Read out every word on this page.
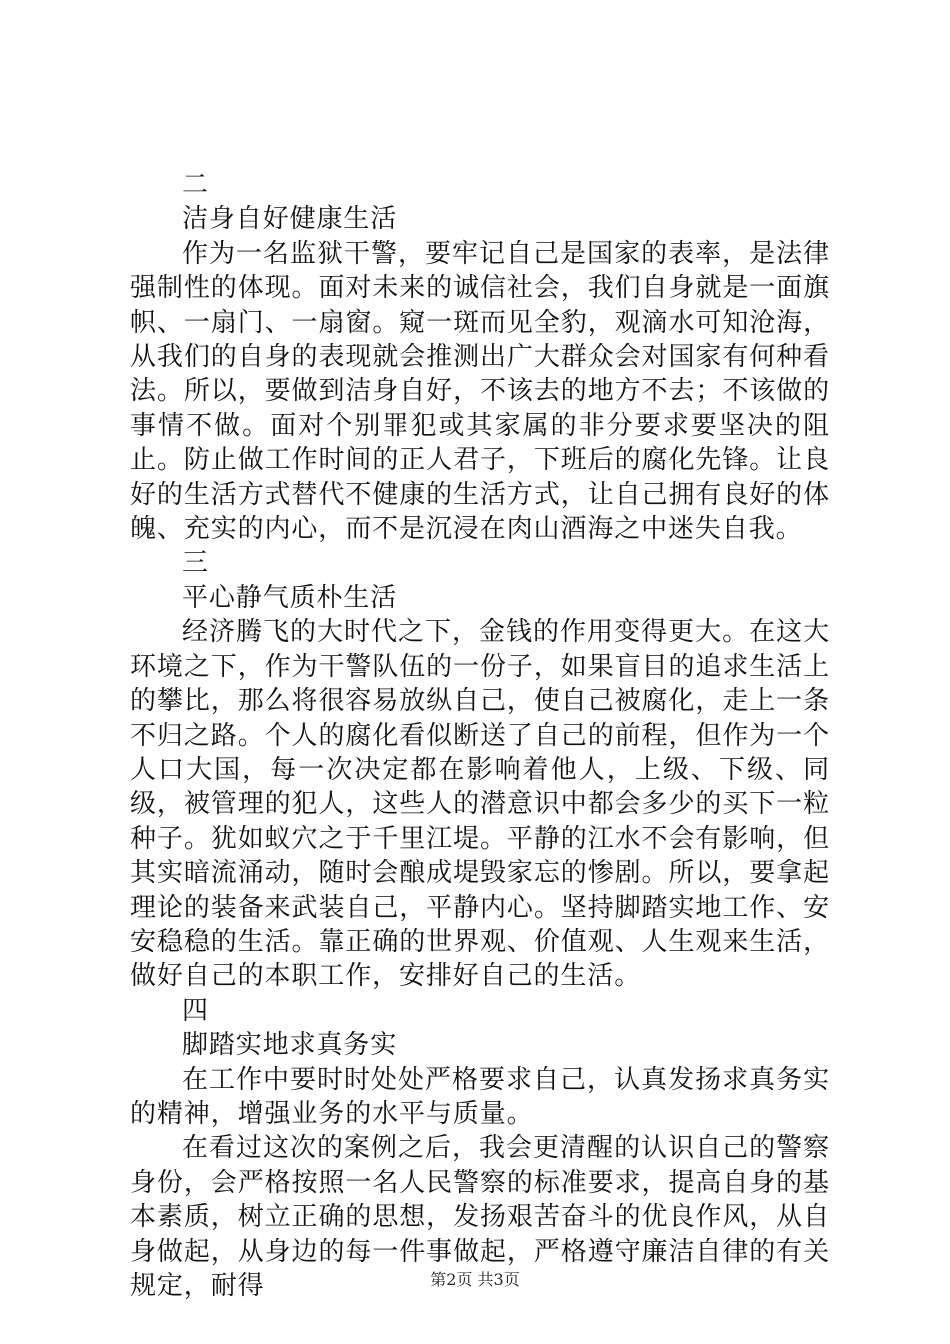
二

洁身自好健康生活

作为一名监狱干警，要牢记自己是国家的表率，是法律强制性的体现。面对未来的诚信社会，我们自身就是一面旗帜、一扇门、一扇窗。窥一斑而见全豹，观滴水可知沧海，从我们的自身的表现就会推测出广大群众会对国家有何种看法。所以，要做到洁身自好，不该去的地方不去；不该做的事情不做。面对个别罪犯或其家属的非分要求要坚决的阻止。防止做工作时间的正人君子，下班后的腐化先锋。让良好的生活方式替代不健康的生活方式，让自己拥有良好的体魄、充实的内心，而不是沉浸在肉山酒海之中迷失自我。

三

平心静气质朴生活

经济腾飞的大时代之下，金钱的作用变得更大。在这大环境之下，作为干警队伍的一份子，如果盲目的追求生活上的攀比，那么将很容易放纵自己，使自己被腐化，走上一条不归之路。个人的腐化看似断送了自己的前程，但作为一个人口大国，每一次决定都在影响着他人，上级、下级、同级，被管理的犯人，这些人的潜意识中都会多少的买下一粒种子。犹如蚁穴之于千里江堤。平静的江水不会有影响，但其实暗流涌动，随时会酿成堤毁家忘的惨剧。所以，要拿起理论的装备来武装自己，平静内心。坚持脚踏实地工作、安安稳稳的生活。靠正确的世界观、价值观、人生观来生活，做好自己的本职工作，安排好自己的生活。

四

脚踏实地求真务实

在工作中要时时处处严格要求自己，认真发扬求真务实的精神，增强业务的水平与质量。

在看过这次的案例之后，我会更清醒的认识自己的警察身份，会严格按照一名人民警察的标准要求，提高自身的基本素质，树立正确的思想，发扬艰苦奋斗的优良作风，从自身做起，从身边的每一件事做起，严格遵守廉洁自律的有关规定，耐得	第2页 共3页
